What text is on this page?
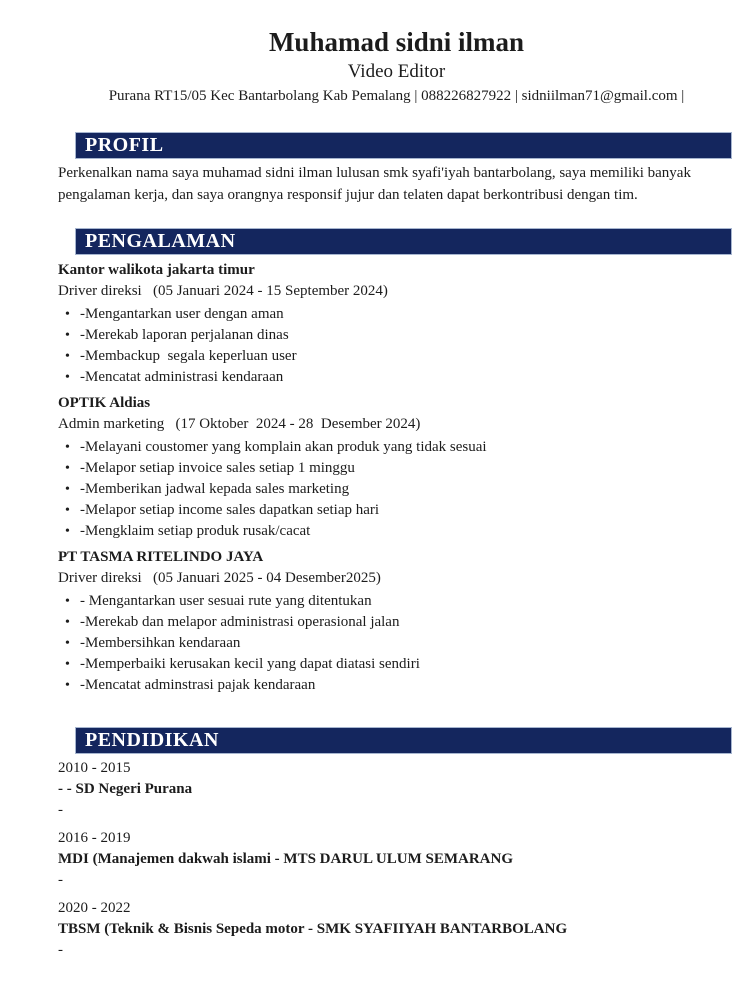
Muhamad sidni ilman
Video Editor
Purana RT15/05 Kec Bantarbolang Kab Pemalang | 088226827922 | sidniilman71@gmail.com |
PROFIL
Perkenalkan nama saya muhamad sidni ilman lulusan smk syafi'iyah bantarbolang, saya memiliki banyak pengalaman kerja, dan saya orangnya responsif jujur dan telaten dapat berkontribusi dengan tim.
PENGALAMAN
Kantor walikota jakarta timur
Driver direksi   (05 Januari 2024 - 15 September 2024)
• -Mengantarkan user dengan aman
• -Merekab laporan perjalanan dinas
• -Membackup  segala keperluan user
• -Mencatat administrasi kendaraan
OPTIK Aldias
Admin marketing   (17 Oktober  2024 - 28  Desember 2024)
• -Melayani coustomer yang komplain akan produk yang tidak sesuai
• -Melapor setiap invoice sales setiap 1 minggu
• -Memberikan jadwal kepada sales marketing
• -Melapor setiap income sales dapatkan setiap hari
• -Mengklaim setiap produk rusak/cacat
PT TASMA RITELINDO JAYA
Driver direksi   (05 Januari 2025 - 04 Desember2025)
• - Mengantarkan user sesuai rute yang ditentukan
• -Merekab dan melapor administrasi operasional jalan
• -Membersihkan kendaraan
• -Memperbaiki kerusakan kecil yang dapat diatasi sendiri
• -Mencatat adminstrasi pajak kendaraan
PENDIDIKAN
2010 - 2015
- - SD Negeri Purana
-
2016 - 2019
MDI (Manajemen dakwah islami - MTS DARUL ULUM SEMARANG
-
2020 - 2022
TBSM (Teknik & Bisnis Sepeda motor - SMK SYAFIIYAH BANTARBOLANG
-
